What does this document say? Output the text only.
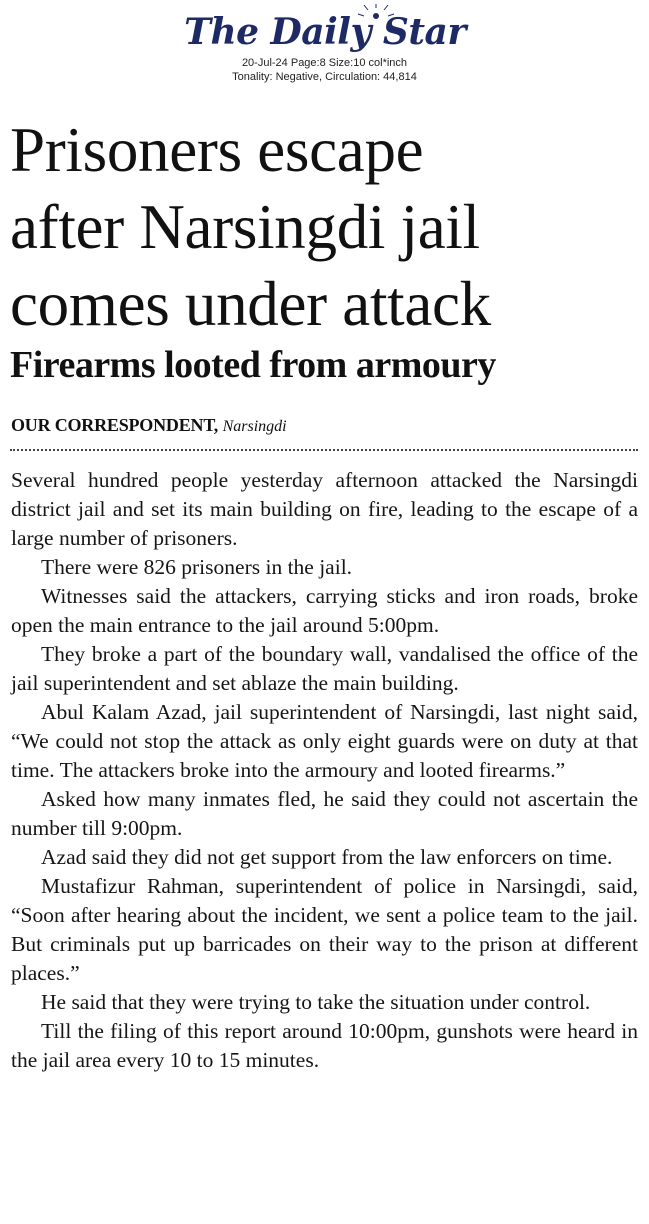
The Daily Star
20-Jul-24 Page:8 Size:10 col*inch
Tonality: Negative, Circulation: 44,814
Prisoners escape
after Narsingdi jail
comes under attack
Firearms looted from armoury
OUR CORRESPONDENT, Narsingdi

Several hundred people yesterday afternoon attacked the Narsingdi district jail and set its main building on fire, leading to the escape of a large number of prisoners.

There were 826 prisoners in the jail.

Witnesses said the attackers, carrying sticks and iron roads, broke open the main entrance to the jail around 5:00pm.

They broke a part of the boundary wall, vandalised the office of the jail superintendent and set ablaze the main building.

Abul Kalam Azad, jail superintendent of Narsingdi, last night said, “We could not stop the attack as only eight guards were on duty at that time. The attackers broke into the armoury and looted firearms.”

Asked how many inmates fled, he said they could not ascertain the number till 9:00pm.

Azad said they did not get support from the law enforcers on time.

Mustafizur Rahman, superintendent of police in Narsingdi, said, “Soon after hearing about the incident, we sent a police team to the jail. But criminals put up barricades on their way to the prison at different places.”

He said that they were trying to take the situation under control.

Till the filing of this report around 10:00pm, gunshots were heard in the jail area every 10 to 15 minutes.
